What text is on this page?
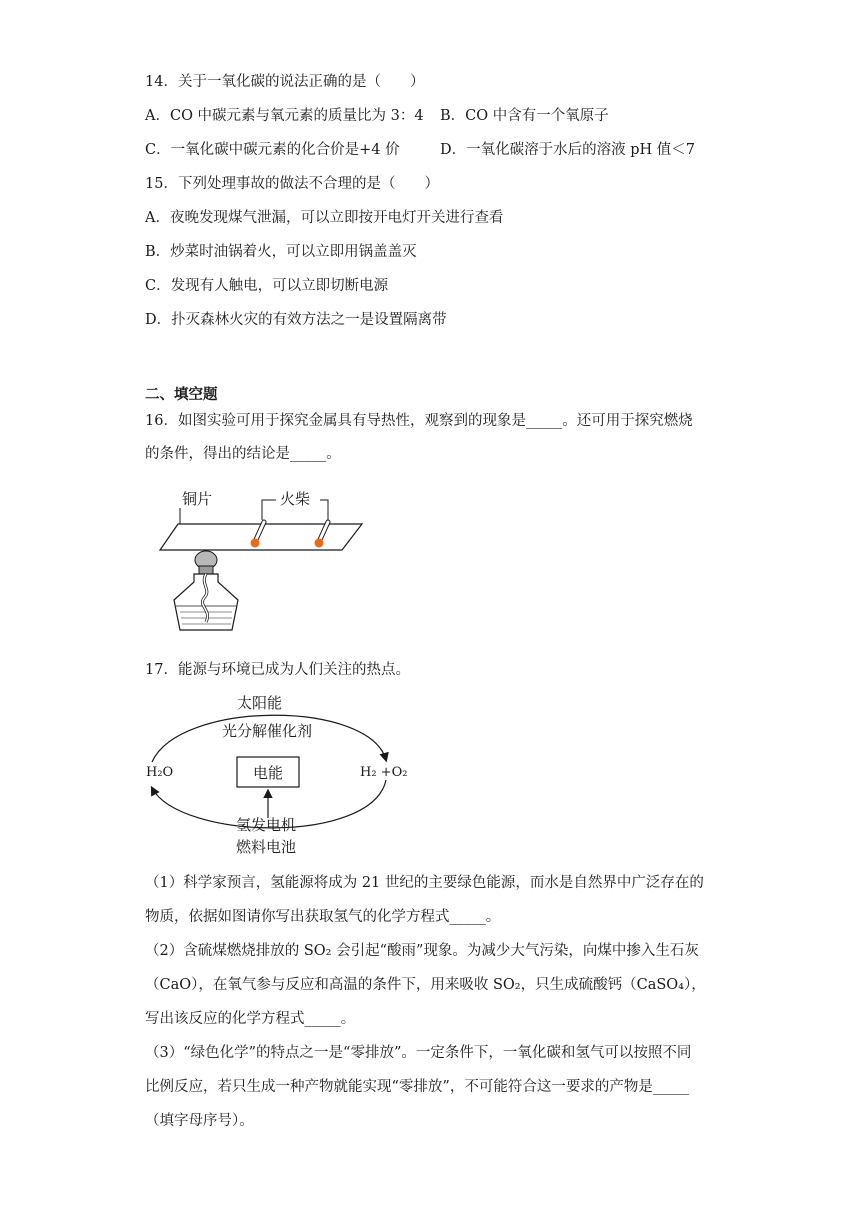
14．关于一氧化碳的说法正确的是（　　）
A．CO 中碳元素与氧元素的质量比为 3：4 B．CO 中含有一个氧原子
C．一氧化碳中碳元素的化合价是+4 价	D．一氧化碳溶于水后的溶液 pH 值＜7
15．下列处理事故的做法不合理的是（　　）
A．夜晚发现煤气泄漏，可以立即按开电灯开关进行查看
B．炒菜时油锅着火，可以立即用锅盖盖灭
C．发现有人触电，可以立即切断电源
D．扑灭森林火灾的有效方法之一是设置隔离带
二、填空题
16．如图实验可用于探究金属具有导热性，观察到的现象是_____。还可用于探究燃烧
的条件，得出的结论是_____。
铜片	火柴
17．能源与环境已成为人们关注的热点。
太阳能
光分解催化剂
H₂O	H₂ +O₂
电能
氢发电机
燃料电池
（1）科学家预言，氢能源将成为 21 世纪的主要绿色能源，而水是自然界中广泛存在的
物质，依据如图请你写出获取氢气的化学方程式_____。
（2）含硫煤燃烧排放的 SO₂ 会引起“酸雨”现象。为减少大气污染，向煤中掺入生石灰
（CaO），在氧气参与反应和高温的条件下，用来吸收 SO₂，只生成硫酸钙（CaSO₄），
写出该反应的化学方程式_____。
（3）“绿色化学”的特点之一是“零排放”。一定条件下，一氧化碳和氢气可以按照不同
比例反应，若只生成一种产物就能实现“零排放”，不可能符合这一要求的产物是_____
（填字母序号）。
